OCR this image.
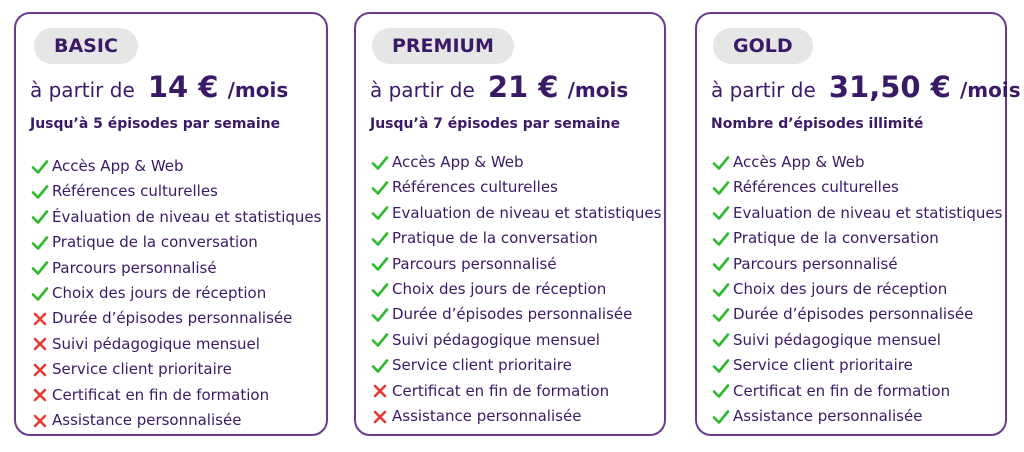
BASIC
à partir de 14 € /mois
Jusqu’à 5 épisodes par semaine
Accès App & Web
Références culturelles
Évaluation de niveau et statistiques
Pratique de la conversation
Parcours personnalisé
Choix des jours de réception
Durée d’épisodes personnalisée
Suivi pédagogique mensuel
Service client prioritaire
Certificat en fin de formation
Assistance personnalisée
PREMIUM
à partir de 21 € /mois
Jusqu’à 7 épisodes par semaine
Accès App & Web
Références culturelles
Evaluation de niveau et statistiques
Pratique de la conversation
Parcours personnalisé
Choix des jours de réception
Durée d’épisodes personnalisée
Suivi pédagogique mensuel
Service client prioritaire
Certificat en fin de formation
Assistance personnalisée
GOLD
à partir de 31,50 € /mois
Nombre d’épisodes illimité
Accès App & Web
Références culturelles
Evaluation de niveau et statistiques
Pratique de la conversation
Parcours personnalisé
Choix des jours de réception
Durée d’épisodes personnalisée
Suivi pédagogique mensuel
Service client prioritaire
Certificat en fin de formation
Assistance personnalisée
